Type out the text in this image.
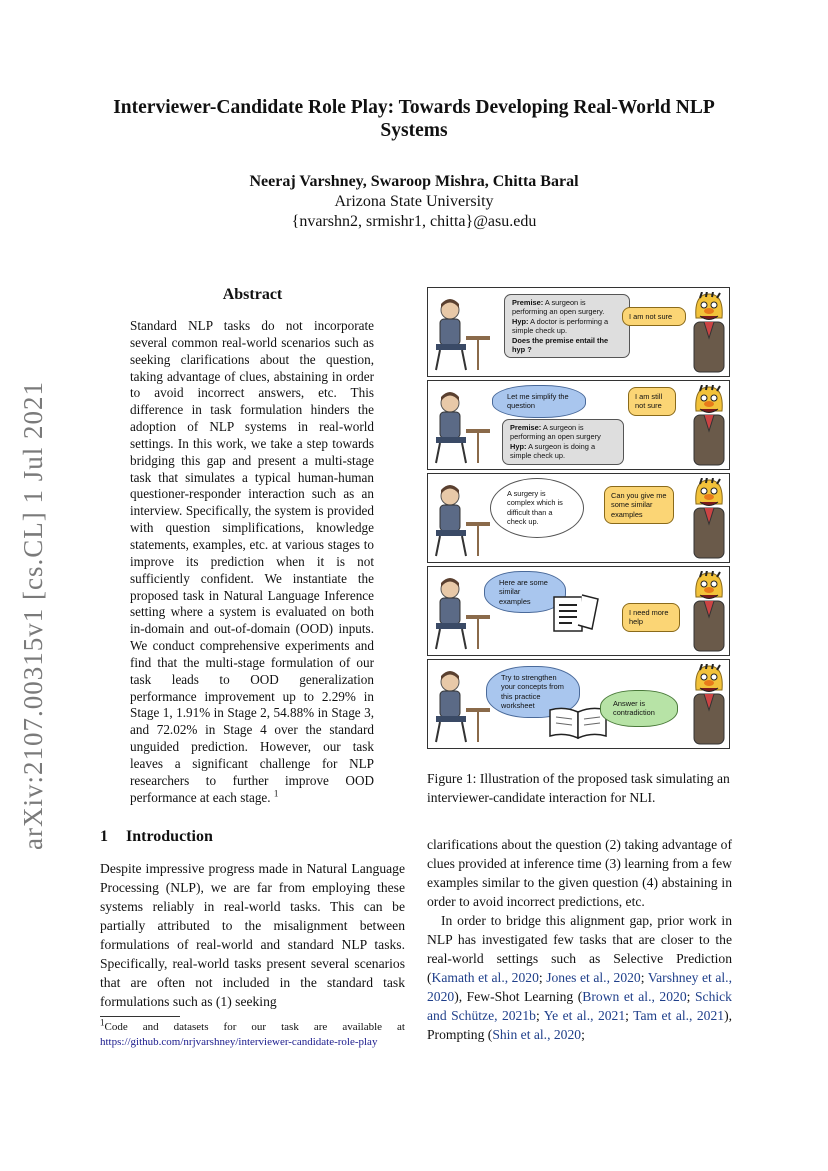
Interviewer-Candidate Role Play: Towards Developing Real-World NLP
Systems
Neeraj Varshney, Swaroop Mishra, Chitta Baral
Arizona State University
{nvarshn2, srmishr1, chitta}@asu.edu
arXiv:2107.00315v1 [cs.CL] 1 Jul 2021
Abstract
Standard NLP tasks do not incorporate several common real-world scenarios such as seeking clarifications about the question, taking advantage of clues, abstaining in order to avoid incorrect answers, etc. This difference in task formulation hinders the adoption of NLP systems in real-world settings. In this work, we take a step towards bridging this gap and present a multi-stage task that simulates a typical human-human questioner-responder interaction such as an interview. Specifically, the system is provided with question simplifications, knowledge statements, examples, etc. at various stages to improve its prediction when it is not sufficiently confident. We instantiate the proposed task in Natural Language Inference setting where a system is evaluated on both in-domain and out-of-domain (OOD) inputs. We conduct comprehensive experiments and find that the multi-stage formulation of our task leads to OOD generalization performance improvement up to 2.29% in Stage 1, 1.91% in Stage 2, 54.88% in Stage 3, and 72.02% in Stage 4 over the standard unguided prediction. However, our task leaves a significant challenge for NLP researchers to further improve OOD performance at each stage. $^1$
1 Introduction
Despite impressive progress made in Natural Language Processing (NLP), we are far from employing these systems reliably in real-world tasks. This can be partially attributed to the misalignment between formulations of real-world and standard NLP tasks. Specifically, real-world tasks present several scenarios that are often not included in the standard task formulations such as (1) seeking
$^1$Code and datasets for our task are available at https://github.com/nrjvarshney/interviewer-candidate-role-play
clarifications about the question (2) taking advantage of clues provided at inference time (3) learning from a few examples similar to the given question (4) abstaining in order to avoid incorrect predictions, etc.
In order to bridge this alignment gap, prior work in NLP has investigated few tasks that are closer to the real-world settings such as Selective Prediction (Kamath et al., 2020; Jones et al., 2020; Varshney et al., 2020), Few-Shot Learning (Brown et al., 2020; Schick and Schütze, 2021b; Ye et al., 2021; Tam et al., 2021), Prompting (Shin et al., 2020;
Premise: A surgeon is performing an open surgery. Hyp: A doctor is performing a simple check up.
Does the premise entail the hyp ?
I am not sure
Let me simplify the question
Premise: A surgeon is performing an open surgery
Hyp: A surgeon is doing a simple check up.
I am still not sure
A surgery is complex which is difficult than a check up.
Can you give me some similar examples
Here are some similar examples
I need more help
Try to strengthen your concepts from this practice worksheet	Answer is contradiction
Figure 1: Illustration of the proposed task simulating an interviewer-candidate interaction for NLI.
